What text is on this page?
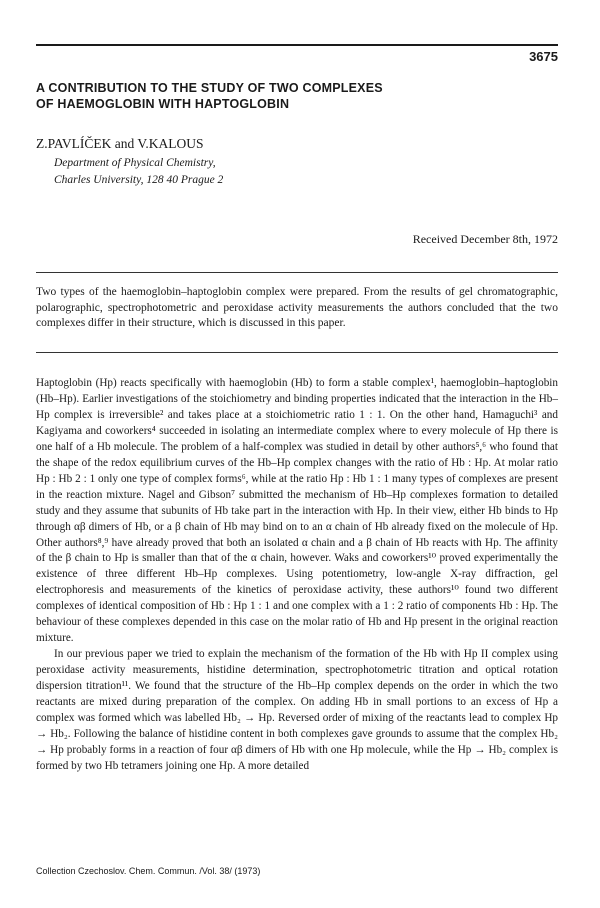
3675
A CONTRIBUTION TO THE STUDY OF TWO COMPLEXES
OF HAEMOGLOBIN WITH HAPTOGLOBIN
Z.PAVLÍČEK and V.KALOUS
Department of Physical Chemistry,
Charles University, 128 40 Prague 2
Received December 8th, 1972
Two types of the haemoglobin–haptoglobin complex were prepared. From the results of gel chromatographic, polarographic, spectrophotometric and peroxidase activity measurements the authors concluded that the two complexes differ in their structure, which is discussed in this paper.

Haptoglobin (Hp) reacts specifically with haemoglobin (Hb) to form a stable complex¹, haemoglobin–haptoglobin (Hb–Hp). Earlier investigations of the stoichiometry and binding properties indicated that the interaction in the Hb–Hp complex is irreversible² and takes place at a stoichiometric ratio 1 : 1. On the other hand, Hamaguchi³ and Kagiyama and coworkers⁴ succeeded in isolating an intermediate complex where to every molecule of Hp there is one half of a Hb molecule. The problem of a half-complex was studied in detail by other authors⁵,⁶ who found that the shape of the redox equilibrium curves of the Hb–Hp complex changes with the ratio of Hb : Hp. At molar ratio Hp : Hb 2 : 1 only one type of complex forms⁶, while at the ratio Hp : Hb 1 : 1 many types of complexes are present in the reaction mixture. Nagel and Gibson⁷ submitted the mechanism of Hb–Hp complexes formation to detailed study and they assume that subunits of Hb take part in the interaction with Hp. In their view, either Hb binds to Hp through αβ dimers of Hb, or a β chain of Hb may bind on to an α chain of Hb already fixed on the molecule of Hp. Other authors⁸,⁹ have already proved that both an isolated α chain and a β chain of Hb reacts with Hp. The affinity of the β chain to Hp is smaller than that of the α chain, however. Waks and coworkers¹⁰ proved experimentally the existence of three different Hb–Hp complexes. Using potentiometry, low-angle X-ray diffraction, gel electrophoresis and measurements of the kinetics of peroxidase activity, these authors¹⁰ found two different complexes of identical composition of Hb : Hp 1 : 1 and one complex with a 1 : 2 ratio of components Hb : Hp. The behaviour of these complexes depended in this case on the molar ratio of Hb and Hp present in the original reaction mixture.

In our previous paper we tried to explain the mechanism of the formation of the Hb with Hp II complex using peroxidase activity measurements, histidine determination, spectrophotometric titration and optical rotation dispersion titration¹¹. We found that the structure of the Hb–Hp complex depends on the order in which the two reactants are mixed during preparation of the complex. On adding Hb in small portions to an excess of Hp a complex was formed which was labelled Hb₂ → Hp. Reversed order of mixing of the reactants lead to complex Hp → Hb₂. Following the balance of histidine content in both complexes gave grounds to assume that the complex Hb₂ → Hp probably forms in a reaction of four αβ dimers of Hb with one Hp molecule, while the Hp → Hb₂ complex is formed by two Hb tetramers joining one Hp. A more detailed

Collection Czechoslov. Chem. Commun. /Vol. 38/ (1973)
